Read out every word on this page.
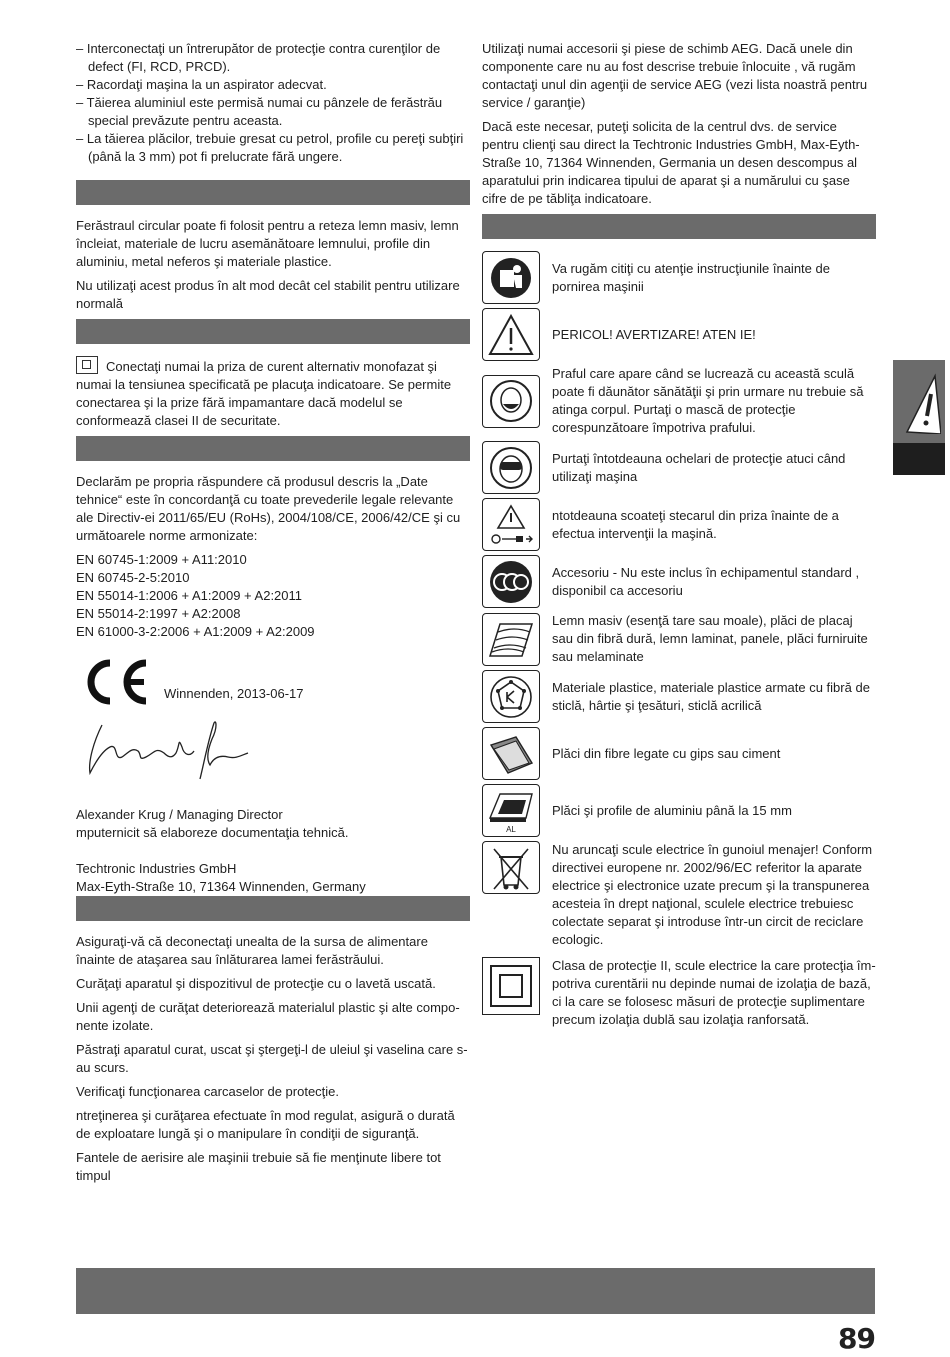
– Interconectaţi un întrerupător de protecţie contra curenţilor de defect (FI, RCD, PRCD).
– Racordaţi maşina la un aspirator adecvat.
– Tăierea aluminiul este permisă numai cu pânzele de ferăstrău special prevăzute pentru aceasta.
– La tăierea plăcilor, trebuie gresat cu petrol, profile cu pereţi subţiri (până la 3 mm) pot fi prelucrate fără ungere.

Ferăstraul circular poate fi folosit pentru a reteza lemn masiv, lemn încleiat, materiale de lucru asemănătoare lemnului, profile din aluminiu, metal neferos şi materiale plastice.

Nu utilizaţi acest produs în alt mod decât cel stabilit pentru utilizare normală

Conectaţi numai la priza de curent alternativ monofazat şi numai la tensiunea specificată pe placuţa indicatoare. Se permite conectarea şi la prize fără impamantare dacă modelul se conformează clasei II de securitate.

Declarăm pe propria răspundere că produsul descris la „Date tehnice“ este în concordanţă cu toate prevederile legale relevante ale Directiv-ei 2011/65/EU (RoHs), 2004/108/CE, 2006/42/CE şi cu următoarele norme armonizate:

EN 60745-1:2009 + A11:2010
EN 60745-2-5:2010
EN 55014-1:2006 + A1:2009 + A2:2011
EN 55014-2:1997 + A2:2008
EN 61000-3-2:2006 + A1:2009 + A2:2009
Winnenden, 2013-06-17
Alexander Krug / Managing Director
mputernicit să elaboreze documentaţia tehnică.
Techtronic Industries GmbH
Max-Eyth-Straße 10, 71364 Winnenden, Germany

Asiguraţi-vă că deconectaţi unealta de la sursa de alimentare înainte de ataşarea sau înlăturarea lamei ferăstrăului.

Curăţaţi aparatul şi dispozitivul de protecţie cu o lavetă uscată.

Unii agenţi de curăţat deteriorează materialul plastic şi alte compo-nente izolate.

Păstraţi aparatul curat, uscat şi ştergeţi-l de uleiul şi vaselina care s-au scurs.

Verificaţi funcţionarea carcaselor de protecţie.

ntreţinerea şi curăţarea efectuate în mod regulat, asigură o durată de exploatare lungă şi o manipulare în condiţii de siguranţă.

Fantele de aerisire ale maşinii trebuie să fie menţinute libere tot timpul

Utilizaţi numai accesorii şi piese de schimb AEG. Dacă unele din componente care nu au fost descrise trebuie înlocuite , vă rugăm contactaţi unul din agenţii de service AEG (vezi lista noastră pentru service / garanţie)

Dacă este necesar, puteţi solicita de la centrul dvs. de service pentru clienţi sau direct la Techtronic Industries GmbH, Max-Eyth-Straße 10, 71364 Winnenden, Germania un desen descompus al aparatului prin indicarea tipului de aparat şi a numărului cu şase cifre de pe tăbliţa indicatoare.

Va rugăm citiţi cu atenţie instrucţiunile înainte de pornirea maşinii
PERICOL! AVERTIZARE! ATEN IE!
Praful care apare când se lucrează cu această sculă poate fi dăunător sănătăţii şi prin urmare nu trebuie să atinga corpul. Purtaţi o mască de protecţie corespunzătoare împotriva prafului.
Purtaţi întotdeauna ochelari de protecţie atuci când utilizaţi maşina
ntotdeauna scoateţi stecarul din priza înainte de a efectua intervenţii la maşină.
Accesoriu - Nu este inclus în echipamentul standard , disponibil ca accesoriu
Lemn masiv (esenţă tare sau moale), plăci de placaj sau din fibră dură, lemn laminat, panele, plăci furniruite sau melaminate
Materiale plastice, materiale plastice armate cu fibră de sticlă, hârtie şi ţesături, sticlă acrilică
Plăci din fibre legate cu gips sau ciment
AL
Plăci şi profile de aluminiu până la 15 mm
Nu aruncaţi scule electrice în gunoiul menajer! Conform directivei europene nr. 2002/96/EC referitor la aparate electrice şi electronice uzate precum şi la transpunerea acesteia în drept naţional, sculele electrice trebuiesc colectate separat şi introduse într-un circit de reciclare ecologic.
Clasa de protecţie II, scule electrice la care protecţia îm-potriva curentării nu depinde numai de izolaţia de bază, ci la care se folosesc măsuri de protecţie suplimentare precum izolaţia dublă sau izolaţia ranforsată.
89
